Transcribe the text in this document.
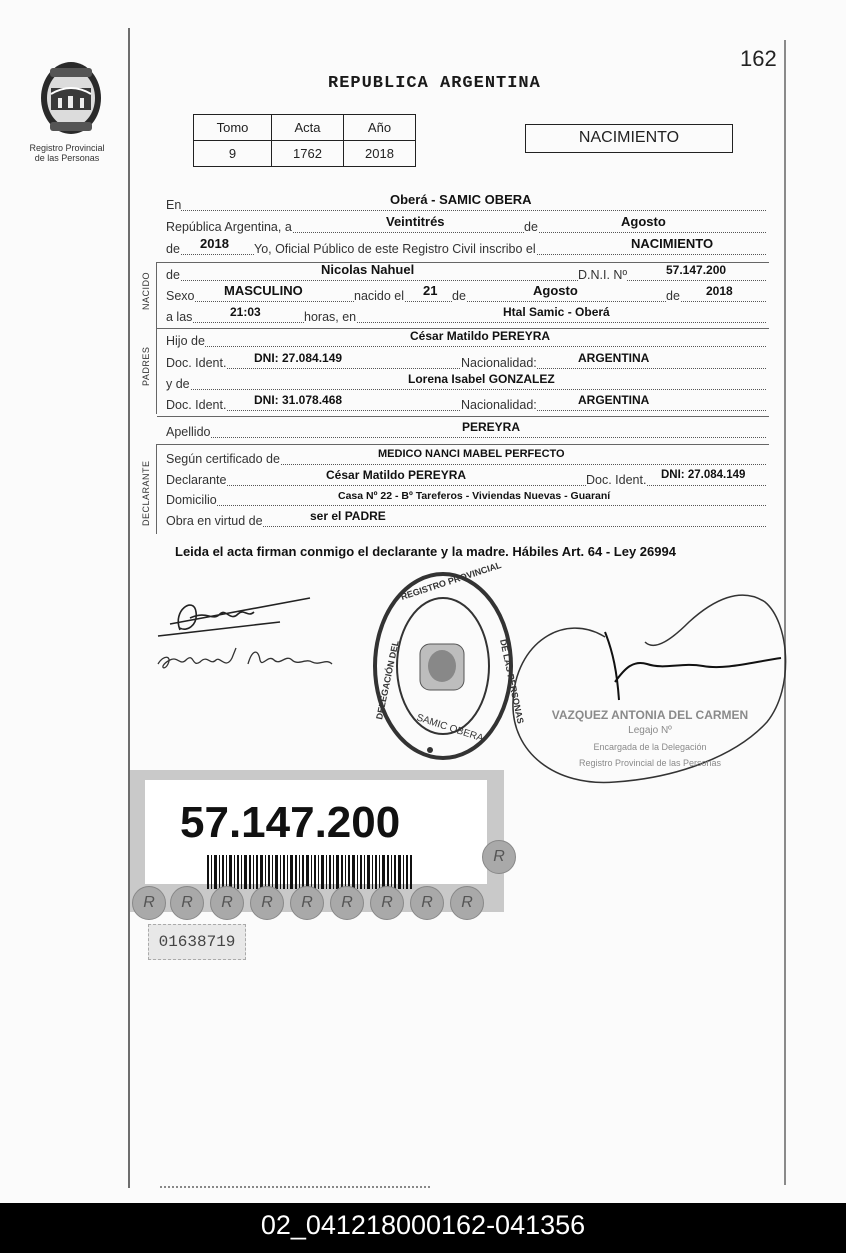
Registro Provincial
de las Personas
162
REPUBLICA ARGENTINA
Tomo	Acta	Año
9	1762	2018
NACIMIENTO
En	Oberá - SAMIC OBERA
República Argentina, a	Veintitrés	de	Agosto
de 2018 Yo, Oficial Público de este Registro Civil inscribo el	NACIMIENTO
NACIDO de	Nicolas Nahuel	D.N.I. Nº	57.147.200
Sexo MASCULINO	nacido el 21 de	Agosto	de 2018
a las	21:03	horas, en	Htal Samic - Oberá
PADRES
Hijo de	César Matildo PEREYRA
Doc. Ident. DNI: 27.084.149	Nacionalidad:	ARGENTINA
y de	Lorena Isabel GONZALEZ
Doc. Ident. DNI: 31.078.468	Nacionalidad:	ARGENTINA
Apellido	PEREYRA
DECLARANTE
Según certificado de	MEDICO NANCI MABEL PERFECTO
Declarante	César Matildo PEREYRA	Doc. Ident. DNI: 27.084.149
Domicilio	Casa Nº 22 - Bº Tareferos - Viviendas Nuevas - Guaraní
Obra en virtud de	ser el PADRE
Leida el acta firman conmigo el declarante y la madre. Hábiles Art. 64 - Ley 26994
REGISTRO PROVINCIAL
DELEGACIÓN DEL	DE LAS PERSONAS
SAMIC OBERA	VAZQUEZ ANTONIA DEL CARMEN
Legajo Nº
Encargada de la Delegación
Registro Provincial de las Personas
57.147.200
R	R	R	R	R	R	R	R	R
R
01638719
02_041218000162-041356
